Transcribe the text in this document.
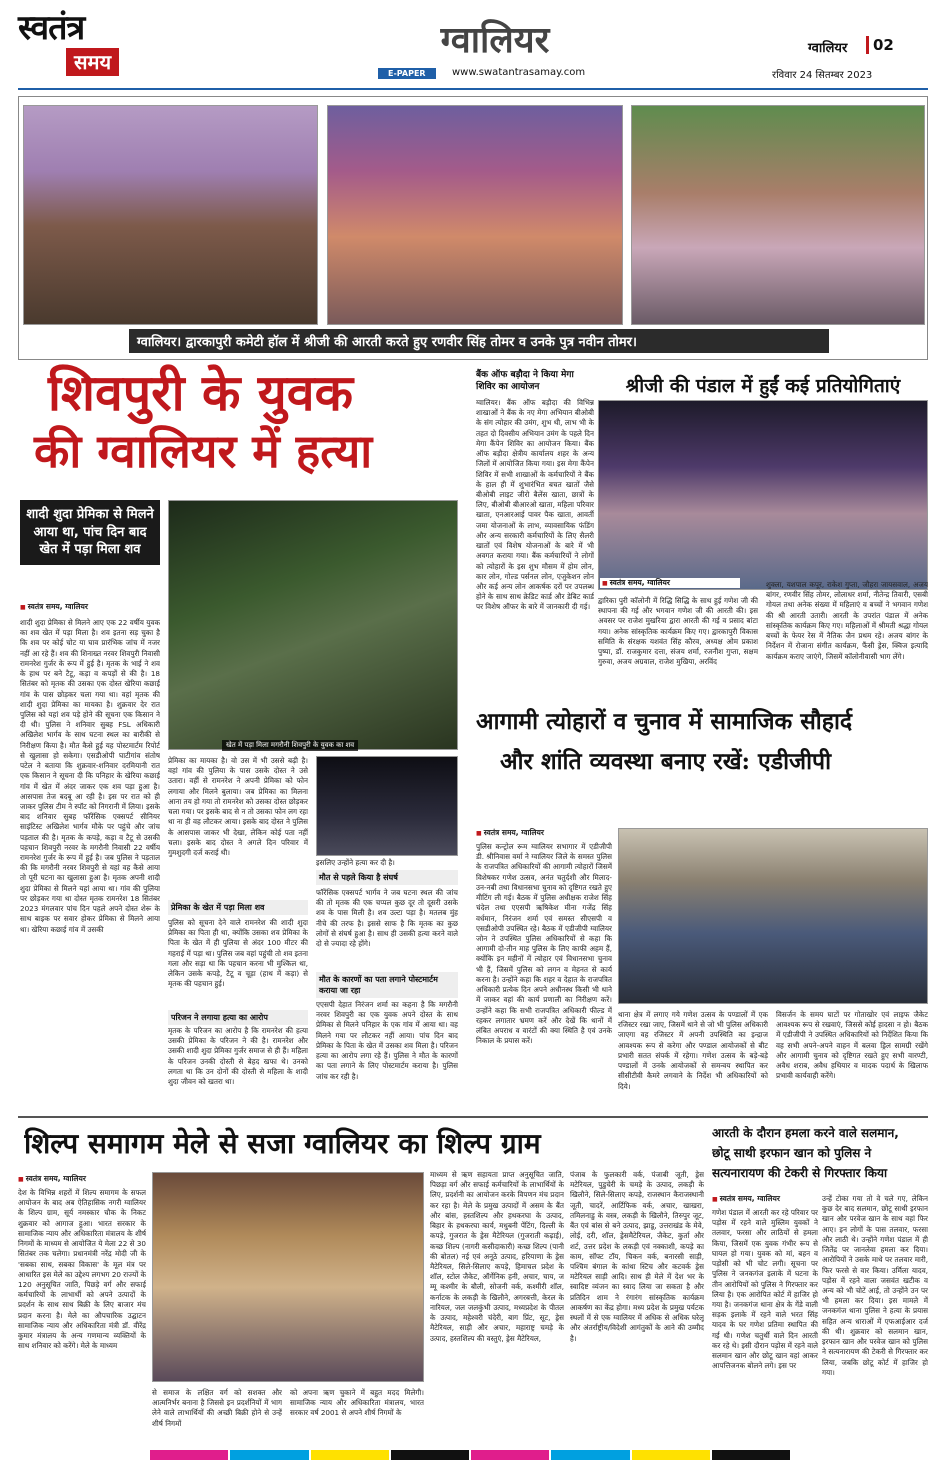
स्वतंत्र
समय
ग्वालियर
E-PAPER	www.swatantrasamay.com
ग्वालियर	02
रविवार 24 सितम्बर 2023
ग्वालियर। द्वारकापुरी कमेटी हॉल में श्रीजी की आरती करते हुए रणवीर सिंह तोमर व उनके पुत्र नवीन तोमर।
शिवपुरी के युवक
की ग्वालियर में हत्या
शादी शुदा प्रेमिका से मिलने आया था, पांच दिन बाद खेत में पड़ा मिला शव
■ स्वतंत्र समय, ग्वालियर
शादी शुदा प्रेमिका से मिलने आए एक 22 वर्षीय युवक का शव खेत में पड़ा मिला है। शव इतना सड़ चुका है कि शव पर कोई चोट या घाव प्रारंभिक जांच में नजर नहीं आ रहे हैं। शव की शिनाख्त नरवर शिवपुरी निवासी रामनरेश गुर्जर के रूप में हुई है। मृतक के भाई ने शव के हाथ पर बने टैटू, कड़ा व कपड़ों से की है। 18 सितंबर को मृतक की उसका एक दोस्त खेरिया कछाई गांव के पास छोड़कर चला गया था। वहां मृतक की शादी शुदा प्रेमिका का मायका है। शुक्रवार देर रात पुलिस को यहां शव पड़े होने की सूचना एक किसान ने दी थी। पुलिस ने शनिवार सुबह FSL अधिकारी अखिलेश भार्गव के साथ घटना स्थल का बारीकी से निरीक्षण किया है। मौत कैसे हुई यह पोस्टमार्टम रिपोर्ट से खुलासा हो सकेगा। एसडीओपी घाटीगांव संतोष पटेल ने बताया कि शुक्रवार-शनिवार दरमियानी रात एक किसान ने सूचना दी कि पनिहार के खेरिया कछाई गांव में खेत में अंदर जाकर एक शव पड़ा हुआ है। आसपास तेज बदबू आ रही है। इस पर रात को ही जाकर पुलिस टीम ने स्पॉट को निगरानी में लिया। इसके बाद शनिवार सुबह फॉरेंसिक एक्सपर्ट सीनियर साइंटिस्ट अखिलेश भार्गव मौके पर पहुंचे और जांच पड़ताल की है। मृतक के कपड़े, कड़ा व टैटू से उसकी पहचान शिवपुरी नरवर के मगरौनी निवासी 22 वर्षीय रामनरेश गुर्जर के रूप में हुई है। जब पुलिस ने पड़ताल की कि मगरौनी नरवर शिवपुरी से यहां वह कैसे आया तो पूरी घटना का खुलासा हुआ है। मृतक अपनी शादी शुदा प्रेमिका से मिलने यहां आया था। गांव की पुलिया पर छोड़कर गया था दोस्त मृतक रामनरेश 18 सितंबर 2023 मंगलवार पांच दिन पहले अपने दोस्त शेरू के साथ बाइक पर सवार होकर प्रेमिका से मिलने आया था। खेरिया कछाई गांव में उसकी
खेत में पड़ा मिला मगरौनी शिवपुरी के युवक का शव
प्रेमिका का मायका है। वो उस में भी उससे बढ़ी है। वहां गांव की पुलिया के पास उसके दोस्त ने उसे उतारा। वहीं से रामनरेश ने अपनी प्रेमिका को फोन लगाया और मिलने बुलाया। जब प्रेमिका का मिलना आना तय हो गया तो रामनरेश को उसका दोस्त छोड़कर चला गया। पर इसके बाद से न तो उसका फोन लग रहा था ना ही वह लौटकर आया। इसके बाद दोस्त ने पुलिस के आसपास जाकर भी देखा, लेकिन कोई पता नहीं चला। इसके बाद दोस्त ने अगले दिन परिवार में गुमशुदगी दर्ज कराई थी।
प्रेमिका के खेत में पड़ा मिला शव
पुलिस को सूचना देने वाले रामनरेश की शादी शुदा प्रेमिका का पिता ही था, क्योंकि उसका शव प्रेमिका के पिता के खेत में ही पुलिया से अंदर 100 मीटर की गहराई में पड़ा था। पुलिस जब वहां पहुंची तो शव इतना गला और सड़ा था कि पहचान करना भी मुश्किल था, लेकिन उसके कपड़े, टैटू व चूड़ा (हाथ में कड़ा) से मृतक की पहचान हुई।
परिजन ने लगाया हत्या का आरोप
मृतक के परिजन का आरोप है कि रामनरेश की हत्या उसकी प्रेमिका के परिजन ने की है। रामनरेश और उसकी शादी शुदा प्रेमिका गुर्जर समाज से ही हैं। महिला के परिजन उनकी दोस्ती से बेहद खफा थे। उनको लगता था कि उन दोनों की दोस्ती से महिला के शादी शुदा जीवन को खतरा था।
इसलिए उन्होंने हत्या कर दी है।
मौत से पहले किया है संघर्ष
फॉरेंसिक एक्सपर्ट भार्गव ने जब घटना स्थल की जांच की तो मृतक की एक चप्पल कुछ दूर तो दूसरी उसके शव के पास मिली है। शव उल्टा पड़ा है। मतलब मुंह नीचे की तरफ है। इससे साफ है कि मृतक का कुछ लोगों से संघर्ष हुआ है। साथ ही उसकी हत्या करने वाले दो से ज्यादा रहे होंगे।
मौत के कारणों का पता लगाने पोस्टमार्टम कराया जा रहा
एएसपी देहात निरंजन शर्मा का कहना है कि मगरौनी नरवर शिवपुरी का एक युवक अपने दोस्त के साथ प्रेमिका से मिलने पनिहार के एक गांव में आया था। वह मिलने गया पर लौटकर नहीं आया। पांच दिन बाद प्रेमिका के पिता के खेत में उसका शव मिला है। परिजन हत्या का आरोप लगा रहे हैं। पुलिस ने मौत के कारणों का पता लगाने के लिए पोस्टमार्टम कराया है। पुलिस जांच कर रही है।
बैंक ऑफ बड़ौदा ने किया मेगा शिविर का आयोजन
ग्वालियर। बैंक ऑफ बड़ौदा की विभिन्न शाखाओं ने बैंक के नए मेगा अभियान बीओबी के संग त्योहार की उमंग, शुभ थी, लाभ भी के तहत दो दिवसीय अभियान उमंग के पहले दिन मेगा कैंपेन शिविर का आयोजन किया। बैंक ऑफ बड़ौदा क्षेत्रीय कार्यालय शहर के अन्य जिलों में आयोजित किया गया। इस मेगा कैंपेन शिविर में सभी शाखाओं के कर्मचारियों ने बैंक के हाल ही में शुभारंभित बचत खातों जैसे बीओबी लाइट जीरो बैलेंस खाता, छात्रों के लिए, बीओबी बीआरओ खाता, महिला परिवार खाता, एनआरआई पावर पैक खाता, आवर्ती जमा योजनाओं के लाभ, व्यावसायिक फंडिंग और अन्य सरकारी कर्मचारियों के लिए सैलरी खातों एवं विशेष योजनाओं के बारे में भी अवगत कराया गया। बैंक कर्मचारियों ने लोगों को त्योहारों के इस शुभ मौसम में होम लोन, कार लोन, गोल्ड पर्सनल लोन, एजुकेशन लोन और कई अन्य लोन आकर्षक दरों पर उपलब्ध होने के साथ साथ क्रेडिट कार्ड और डेबिट कार्ड पर विशेष ऑफर के बारे में जानकारी दी गई।
श्रीजी की पंडाल में हुईं कई प्रतियोगिताएं
■ स्वतंत्र समय, ग्वालियर
द्वारिका पुरी कॉलोनी में रिद्धि सिद्धि के साथ हुई गणेश जी की स्थापना की गई और भगवान गणेश जी की आरती की। इस अवसर पर राजेश मुखरिया द्वारा आरती की गई व प्रसाद बांटा गया। अनेक सांस्कृतिक कार्यक्रम किए गए। द्वारकापुरी विकास समिति के संरक्षक यशवंत सिंह कौरव, अध्यक्ष ओम प्रकाश पुष्पा, डॉ. राजकुमार दत्ता, संजय शर्मा, रजनीश गुप्ता, सक्षम गुरुवा, अजय अग्रवाल, राजेश मुखिया, अरविंद
शुक्ला, यशपाल कपूर, राकेश गुप्ता, जौहरा जायसवाल, अजय बांगर, रणवीर सिंह तोमर, लोलाधर शर्मा, नीतेन्द्र तिवारी, एसबी गोयल तथा अनेक संख्या में महिलाएं व बच्चों ने भगवान गणेश की श्री आरती उतारी। आरती के उपरांत पंडाल में अनेक सांस्कृतिक कार्यक्रम किए गए। महिलाओं में श्रीमती श्रद्धा गोयल बच्चों के फेयर रेस में नैतिक जैन प्रथम रहे। अजय बांगर के निर्देशन में रोजाना संगीत कार्यक्रम, फैंसी ड्रेस, क्विज इत्यादि कार्यक्रम कराए जाएंगे, जिसमें कॉलोनीवासी भाग लेंगे।
आगामी त्योहारों व चुनाव में सामाजिक सौहार्द
और शांति व्यवस्था बनाए रखें: एडीजीपी
■ स्वतंत्र समय, ग्वालियर
पुलिस कन्ट्रोल रूम ग्वालियर सभागार में एडीजीपी डी. श्रीनिवास वर्मा ने ग्वालियर जिले के समस्त पुलिस के राजपत्रित अधिकारियों की आगामी त्योहारों जिसमें विशेषकर गणेश उत्सव, अनंत चतुर्दशी और मिलाद-उन-नबी तथा विधानसभा चुनाव को दृष्टिगत रखते हुए मीटिंग ली गई। बैठक में पुलिस अधीक्षक राजेश सिंह चंदेल तथा एएसपी ऋषिकेश मीना गजेंद्र सिंह वर्धमान, निरंजन शर्मा एवं समस्त सीएसपी व एसडीओपी उपस्थित रहे। बैठक में एडीजीपी ग्वालियर जोन ने उपस्थित पुलिस अधिकारियों से कहा कि आगामी दो-तीन माह पुलिस के लिए काफी अहम हैं, क्योंकि इन महीनों में त्योहार एवं विधानसभा चुनाव भी हैं, जिसमें पुलिस को लगन व मेहनत से कार्य करना है। उन्होंने कहा कि शहर व देहात के राजपत्रित अधिकारी प्रत्येक दिन अपने अधीनस्थ किसी भी थाने में जाकर वहां की कार्य प्रणाली का निरीक्षण करें। उन्होंने कहा कि सभी राजपत्रित अधिकारी फील्ड में रहकर लगातार भ्रमण करें और देखें कि थानों में लंबित अपराध व वारंटों की क्या स्थिति है एवं उनके निकाल के प्रयास करें।
थाना क्षेत्र में लगाए गये गणेश उत्सव के पण्डालों में एक रजिस्टर रखा जाए, जिसमें थाने से जो भी पुलिस अधिकारी जाएगा वह रजिस्टर में अपनी उपस्थिति का इन्द्राज आवश्यक रूप से करेगा और पण्डाल आयोजकों से बीट प्रभारी सतत संपर्क में रहेगा। गणेश उत्सव के बड़े-बड़े पण्डालों में उनके आयोजकों से समन्वय स्थापित कर सीसीटीवी कैमरे लगवाने के निर्देश भी अधिकारियों को दिये।
विसर्जन के समय घाटों पर गोताखोर एवं लाइफ जैकेट आवश्यक रूप से रखवाएं, जिससे कोई हादसा न हो। बैठक में एडीजीपी ने उपस्थित अधिकारियों को निर्देशित किया कि वह सभी अपने-अपने वाहन में बलवा ड्रिल सामग्री रखेंगे और आगामी चुनाव को दृष्टिगत रखते हुए सभी वारण्टी, अवैध शराब, अवैध हथियार व मादक पदार्थ के खिलाफ प्रभावी कार्यवाही करेंगे।
शिल्प समागम मेले से सजा ग्वालियर का शिल्प ग्राम
■ स्वतंत्र समय, ग्वालियर
देश के विभिन्न शहरों में शिल्प समागम के सफल आयोजन के बाद अब ऐतिहासिक नगरी ग्वालियर के शिल्प ग्राम, सूर्य नमस्कार चौक के निकट शुक्रवार को आगाज हुआ। भारत सरकार के सामाजिक न्याय और अधिकारिता मंत्रालय के शीर्ष निगमों के माध्यम से आयोजित ये मेला 22 से 30 सितंबर तक चलेगा। प्रधानमंत्री नरेंद्र मोदी जी के 'सबका साथ, सबका विकास' के मूल मंत्र पर आधारित इस मेले का उद्देश्य लगभग 20 राज्यों के 120 अनुसूचित जाति, पिछड़े वर्ग और सफाई कर्मचारियों के लाभार्थी को अपने उत्पादों के प्रदर्शन के साथ साथ बिक्री के लिए बाजार मंच प्रदान करना है। मेले का औपचारिक उद्घाटन सामाजिक न्याय और अधिकारिता मंत्री डॉ. वीरेंद्र कुमार मंत्रालय के अन्य गणमान्य व्यक्तियों के साथ शनिवार को करेंगे। मेले के माध्यम
से समाज के लक्षित वर्ग को सशक्त और आत्मनिर्भर बनाना है जिससे इन प्रदर्शनियों में भाग लेने वाले लाभार्थियों की अच्छी बिक्री होने से उन्हें शीर्ष निगमों
को अपना ऋण चुकाने में बहुत मदद मिलेगी। सामाजिक न्याय और अधिकारिता मंत्रालय, भारत सरकार वर्ष 2001 से अपने शीर्ष निगमों के
माध्यम से ऋण सहायता प्राप्त अनुसूचित जाति, पिछड़ा वर्ग और सफाई कर्मचारियों के लाभार्थियों के लिए, प्रदर्शनी का आयोजन करके विपणन मंच प्रदान कर रहा है। मेले के प्रमुख उत्पादों में असम के बैंत और बांस, हस्तशिल्प और हथकरघा के उत्पाद, बिहार के हथकरघा कार्य, मधुबनी पेंटिंग, दिल्ली के कपड़े, गुजरात के ड्रेस मैटेरियल (गुजराती कढ़ाई), कच्छ शिल्प (नागरी कसीदाकारी) कच्छ शिल्प (पानी की बोतल) नई एवं अनूठे उत्पाद, हरियाणा के ड्रेस मैटेरियल, सिले-सिलाए कपड़े, हिमाचल प्रदेश के शॉल, स्टोल जैकेट, ऑर्गेनिक हनी, अचार, चाय, ज म्मू कश्मीर के बौली, सोजनी वर्क, कश्मीरी शॉल, कर्नाटक के लकड़ी के खिलौने, अगरबत्ती, केरल के नारियल, जल जलकुंभी उत्पाद, मध्यप्रदेश के पीतल के उत्पाद, महेश्वरी चंदेरी, बाग प्रिंट, सूट, ड्रेस मैटेरियल, साड़ी और अचार, महाराष्ट्र चमड़े के उत्पाद, हस्तशिल्प की वस्तुएं, ड्रेस मैटेरियल,
पंजाब के फुलकारी वर्क, पंजाबी जूती, ड्रेस मटेरियल, पुडुचेरी के चमड़े के उत्पाद, लकड़ी के खिलौने, सिले-सिलाए कपड़े, राजस्थान कैराजस्थानी जूती, चादरें, आर्टिफिक वर्क, अचार, खाखरा, तमिलनाडु के वस्त्र, लकड़ी के खिलौने, तिरुपुर जूट, बैंत एवं बांस से बने उत्पाद, झाडू, उत्तराखंड के मेवे, लोई, दरी, शॉल, ड्रेसमैटेरियल, जैकेट, कुर्ता और शर्ट, उत्तर प्रदेश के लकड़ी एवं नक्काशी, कपड़े का काम, सॉफ्ट टॉय, चिकन वर्क, बनारसी साड़ी, पश्चिम बंगाल के कांथा स्टिच और कटवर्क ड्रेस मटेरियल साड़ी आदि। साथ ही मेले में देश भर के स्वादिष्ट व्यंजन का स्वाद लिया जा सकता है और प्रतिदिन शाम ने रंगारंग सांस्कृतिक कार्यक्रम आकर्षण का केंद्र होगा। मध्य प्रदेश के प्रमुख पर्यटक स्थलों में से एक ग्वालियर में अधिक से अधिक घरेलू और अंतर्राष्ट्रीय/विदेशी आगंतुकों के आने की उम्मीद है।
आरती के दौरान हमला करने वाले सलमान,
छोटू साथी इरफान खान को पुलिस ने
सत्यनारायण की टेकरी से गिरफ्तार किया
■ स्वतंत्र समय, ग्वालियर
गणेश पंडाल में आरती कर रहे परिवार पर पड़ोस में रहने वाले मुस्लिम युवकों ने तलवार, फरसा और लाठियों से हमला किया, जिसमें एक युवक गंभीर रूप से घायल हो गया। युवक को मां, बहन व पड़ोसी को भी चोट लगी। सूचना पर पुलिस ने जनकगंज इलाके में घटना के तीन आरोपियों को पुलिस ने गिरफ्तार कर लिया है। एक आरोपित कोर्ट में हाजिर हो गया है। जनकगंज थाना क्षेत्र के गेंडे वाली सड़क इलाके में रहने वाले भरत सिंह यादव के घर गणेश प्रतिमा स्थापित की गई थी। गणेश चतुर्थी वाले दिन आरती कर रहे थे। इसी दौरान पड़ोस में रहने वाले सलमान खान और छोटू खान वहां आकर आपत्तिजनक बोलने लगे। इस पर
उन्हें टोका गया तो वे चले गए, लेकिन कुछ देर बाद सलमान, छोटू साथी इरफान खान और परवेज खान के साथ वहां फिर आए। इन लोगों के पास तलवार, फरसा और लाठी थे। उन्होंने गणेश पंडाल में ही जितेंद्र पर जानलेवा हमला कर दिया। आरोपियों ने उसके माथे पर तलवार मारी, फिर फरसे से वार किया। उर्मिला यादव, पड़ोस में रहने वाला जसवंत खटीक व अन्य को भी चोटें आई, तो उन्होंने उन पर भी हमला कर दिया। इस मामले में जनकगंज थाना पुलिस ने हत्या के प्रयास सहित अन्य धाराओं में एफआईआर दर्ज की थी। शुक्रवार को सलमान खान, इरफान खान और परवेज खान को पुलिस ने सत्यनारायण की टेकरी से गिरफ्तार कर लिया, जबकि छोटू कोर्ट में हाजिर हो गया।
